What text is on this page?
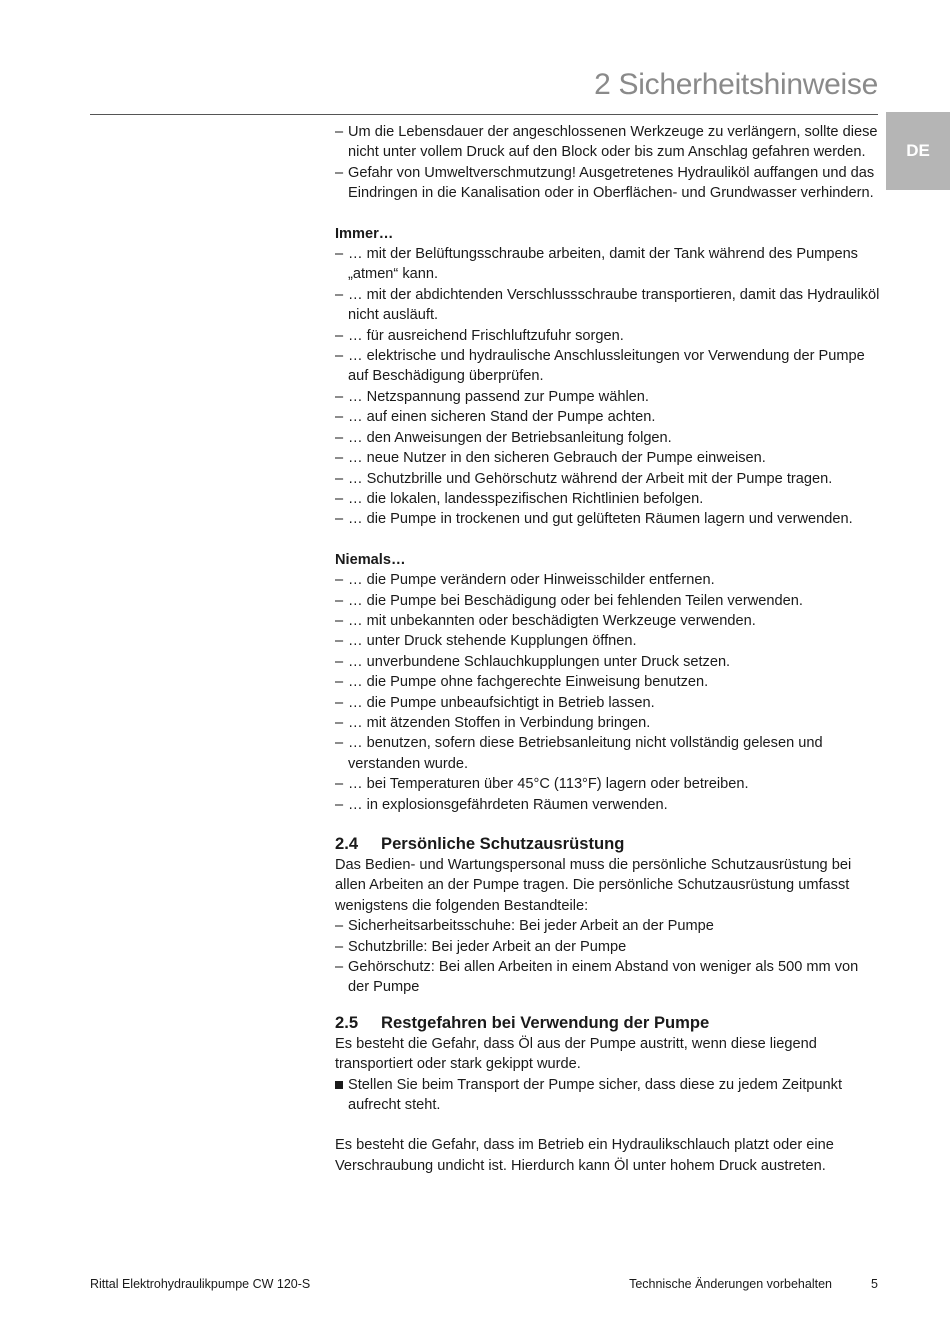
2 Sicherheitshinweise
DE
– Um die Lebensdauer der angeschlossenen Werkzeuge zu verlängern, sollte diese nicht unter vollem Druck auf den Block oder bis zum Anschlag gefahren werden.
– Gefahr von Umweltverschmutzung! Ausgetretenes Hydrauliköl auffangen und das Eindringen in die Kanalisation oder in Oberflächen- und Grundwasser verhindern.
Immer…
– … mit der Belüftungsschraube arbeiten, damit der Tank während des Pumpens „atmen“ kann.
– … mit der abdichtenden Verschlussschraube transportieren, damit das Hydrauliköl nicht ausläuft.
– … für ausreichend Frischluftzufuhr sorgen.
– … elektrische und hydraulische Anschlussleitungen vor Verwendung der Pumpe auf Beschädigung überprüfen.
– … Netzspannung passend zur Pumpe wählen.
– … auf einen sicheren Stand der Pumpe achten.
– … den Anweisungen der Betriebsanleitung folgen.
– … neue Nutzer in den sicheren Gebrauch der Pumpe einweisen.
– … Schutzbrille und Gehörschutz während der Arbeit mit der Pumpe tragen.
– … die lokalen, landesspezifischen Richtlinien befolgen.
– … die Pumpe in trockenen und gut gelüfteten Räumen lagern und verwenden.
Niemals…
– … die Pumpe verändern oder Hinweisschilder entfernen.
– … die Pumpe bei Beschädigung oder bei fehlenden Teilen verwenden.
– … mit unbekannten oder beschädigten Werkzeuge verwenden.
– … unter Druck stehende Kupplungen öffnen.
– … unverbundene Schlauchkupplungen unter Druck setzen.
– … die Pumpe ohne fachgerechte Einweisung benutzen.
– … die Pumpe unbeaufsichtigt in Betrieb lassen.
– … mit ätzenden Stoffen in Verbindung bringen.
– … benutzen, sofern diese Betriebsanleitung nicht vollständig gelesen und verstanden wurde.
– … bei Temperaturen über 45°C (113°F) lagern oder betreiben.
– … in explosionsgefährdeten Räumen verwenden.
2.4	Persönliche Schutzausrüstung

Das Bedien- und Wartungspersonal muss die persönliche Schutzausrüstung bei allen Arbeiten an der Pumpe tragen. Die persönliche Schutzausrüstung umfasst wenigstens die folgenden Bestandteile:

– Sicherheitsarbeitsschuhe: Bei jeder Arbeit an der Pumpe
– Schutzbrille: Bei jeder Arbeit an der Pumpe
– Gehörschutz: Bei allen Arbeiten in einem Abstand von weniger als 500 mm von der Pumpe
2.5	Restgefahren bei Verwendung der Pumpe

Es besteht die Gefahr, dass Öl aus der Pumpe austritt, wenn diese liegend transportiert oder stark gekippt wurde.

Stellen Sie beim Transport der Pumpe sicher, dass diese zu jedem Zeitpunkt aufrecht steht.

Es besteht die Gefahr, dass im Betrieb ein Hydraulikschlauch platzt oder eine Verschraubung undicht ist. Hierdurch kann Öl unter hohem Druck austreten.

Rittal Elektrohydraulikpumpe CW 120-S	Technische Änderungen vorbehalten	5
